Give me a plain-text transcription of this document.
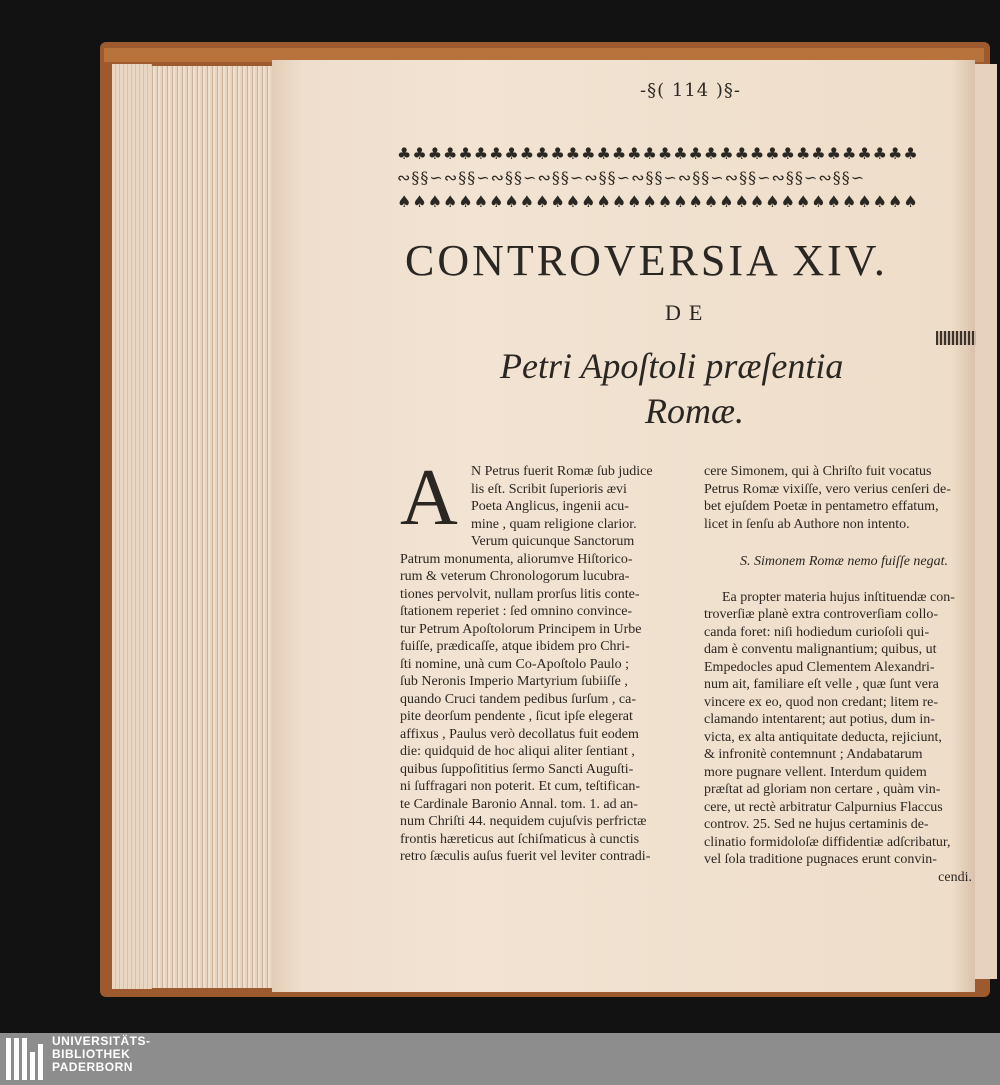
-§( 114 )§-
♣♣♣♣♣♣♣♣♣♣♣♣♣♣♣♣♣♣♣♣♣♣♣♣♣♣♣♣♣♣♣♣♣♣
∾§§∽∾§§∽∾§§∽∾§§∽∾§§∽∾§§∽∾§§∽∾§§∽∾§§∽∾§§∽
♠♠♠♠♠♠♠♠♠♠♠♠♠♠♠♠♠♠♠♠♠♠♠♠♠♠♠♠♠♠♠♠♠♠
CONTROVERSIA XIV.
DE
Petri Apoſtoli præſentia
Romæ.
A N Petrus fuerit Romæ ſub judice
lis eſt. Scribit ſuperioris ævi
Poeta Anglicus, ingenii acu-
mine , quam religione clarior.
Verum quicunque Sanctorum
Patrum monumenta, aliorumve Hiſtorico-
rum & veterum Chronologorum lucubra-
tiones pervolvit, nullam prorſus litis conte-
ſtationem reperiet : ſed omnino convince-
tur Petrum Apoſtolorum Principem in Urbe
fuiſſe, prædicaſſe, atque ibidem pro Chri-
ſti nomine, unà cum Co-Apoſtolo Paulo ;
ſub Neronis Imperio Martyrium ſubiiſſe ,
quando Cruci tandem pedibus ſurſum , ca-
pite deorſum pendente , ſicut ipſe elegerat
affixus , Paulus verò decollatus fuit eodem
die: quidquid de hoc aliqui aliter ſentiant ,
quibus ſuppoſititius ſermo Sancti Auguſti-
ni ſuffragari non poterit. Et cum, teſtifican-
te Cardinale Baronio Annal. tom. 1. ad an-
num Chriſti 44. nequidem cujuſvis perfrictæ
frontis hæreticus aut ſchiſmaticus à cunctis
retro ſæculis auſus fuerit vel leviter contradi-
cere Simonem, qui à Chriſto fuit vocatus
Petrus Romæ vixiſſe, vero verius cenſeri de-
bet ejuſdem Poetæ in pentametro effatum,
licet in ſenſu ab Authore non intento.
S. Simonem Romæ nemo fuiſſe negat.
Ea propter materia hujus inſtituendæ con-
troverſiæ planè extra controverſiam collo-
canda foret: niſi hodiedum curioſoli qui-
dam è conventu malignantium; quibus, ut
Empedocles apud Clementem Alexandri-
num ait, familiare eſt velle , quæ ſunt vera
vincere ex eo, quod non credant; litem re-
clamando intentarent; aut potius, dum in-
victa, ex alta antiquitate deducta, rejiciunt,
& infronitè contemnunt ; Andabatarum
more pugnare vellent. Interdum quidem
præſtat ad gloriam non certare , quàm vin-
cere, ut rectè arbitratur Calpurnius Flaccus
controv. 25. Sed ne hujus certaminis de-
clinatio formidoloſæ diffidentiæ adſcribatur,
vel ſola traditione pugnaces erunt convin-
cendi.
UNIVERSITÄTS-
BIBLIOTHEK
PADERBORN
